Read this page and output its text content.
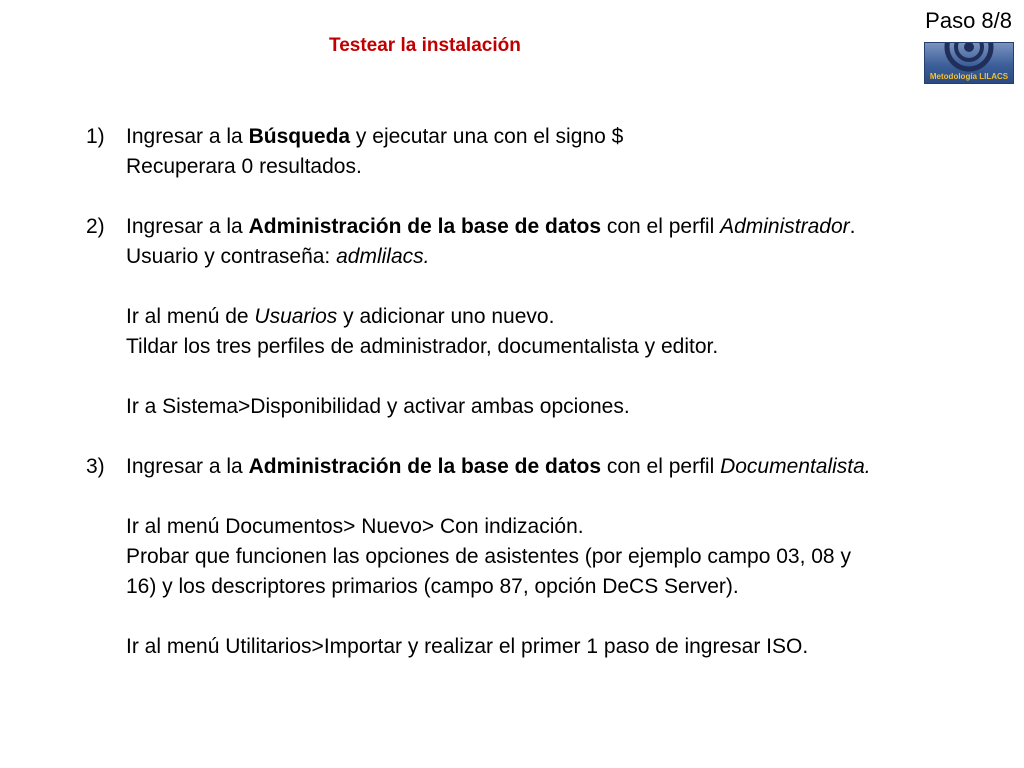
Paso 8/8
Metodología LILACS
Testear la instalación
1) Ingresar a la Búsqueda y ejecutar una con el signo $
Recuperara 0 resultados.
2) Ingresar a la Administración de la base de datos con el perfil Administrador.
Usuario y contraseña: admlilacs.
Ir al menú de Usuarios y adicionar uno nuevo.
Tildar los tres perfiles de administrador, documentalista y editor.
Ir a Sistema>Disponibilidad y activar ambas opciones.
3) Ingresar a la Administración de la base de datos con el perfil Documentalista.
Ir al menú Documentos> Nuevo> Con indización.
Probar que funcionen las opciones de asistentes (por ejemplo campo 03, 08 y
16) y los descriptores primarios (campo 87, opción DeCS Server).
Ir al menú Utilitarios>Importar y realizar el primer 1 paso de ingresar ISO.
